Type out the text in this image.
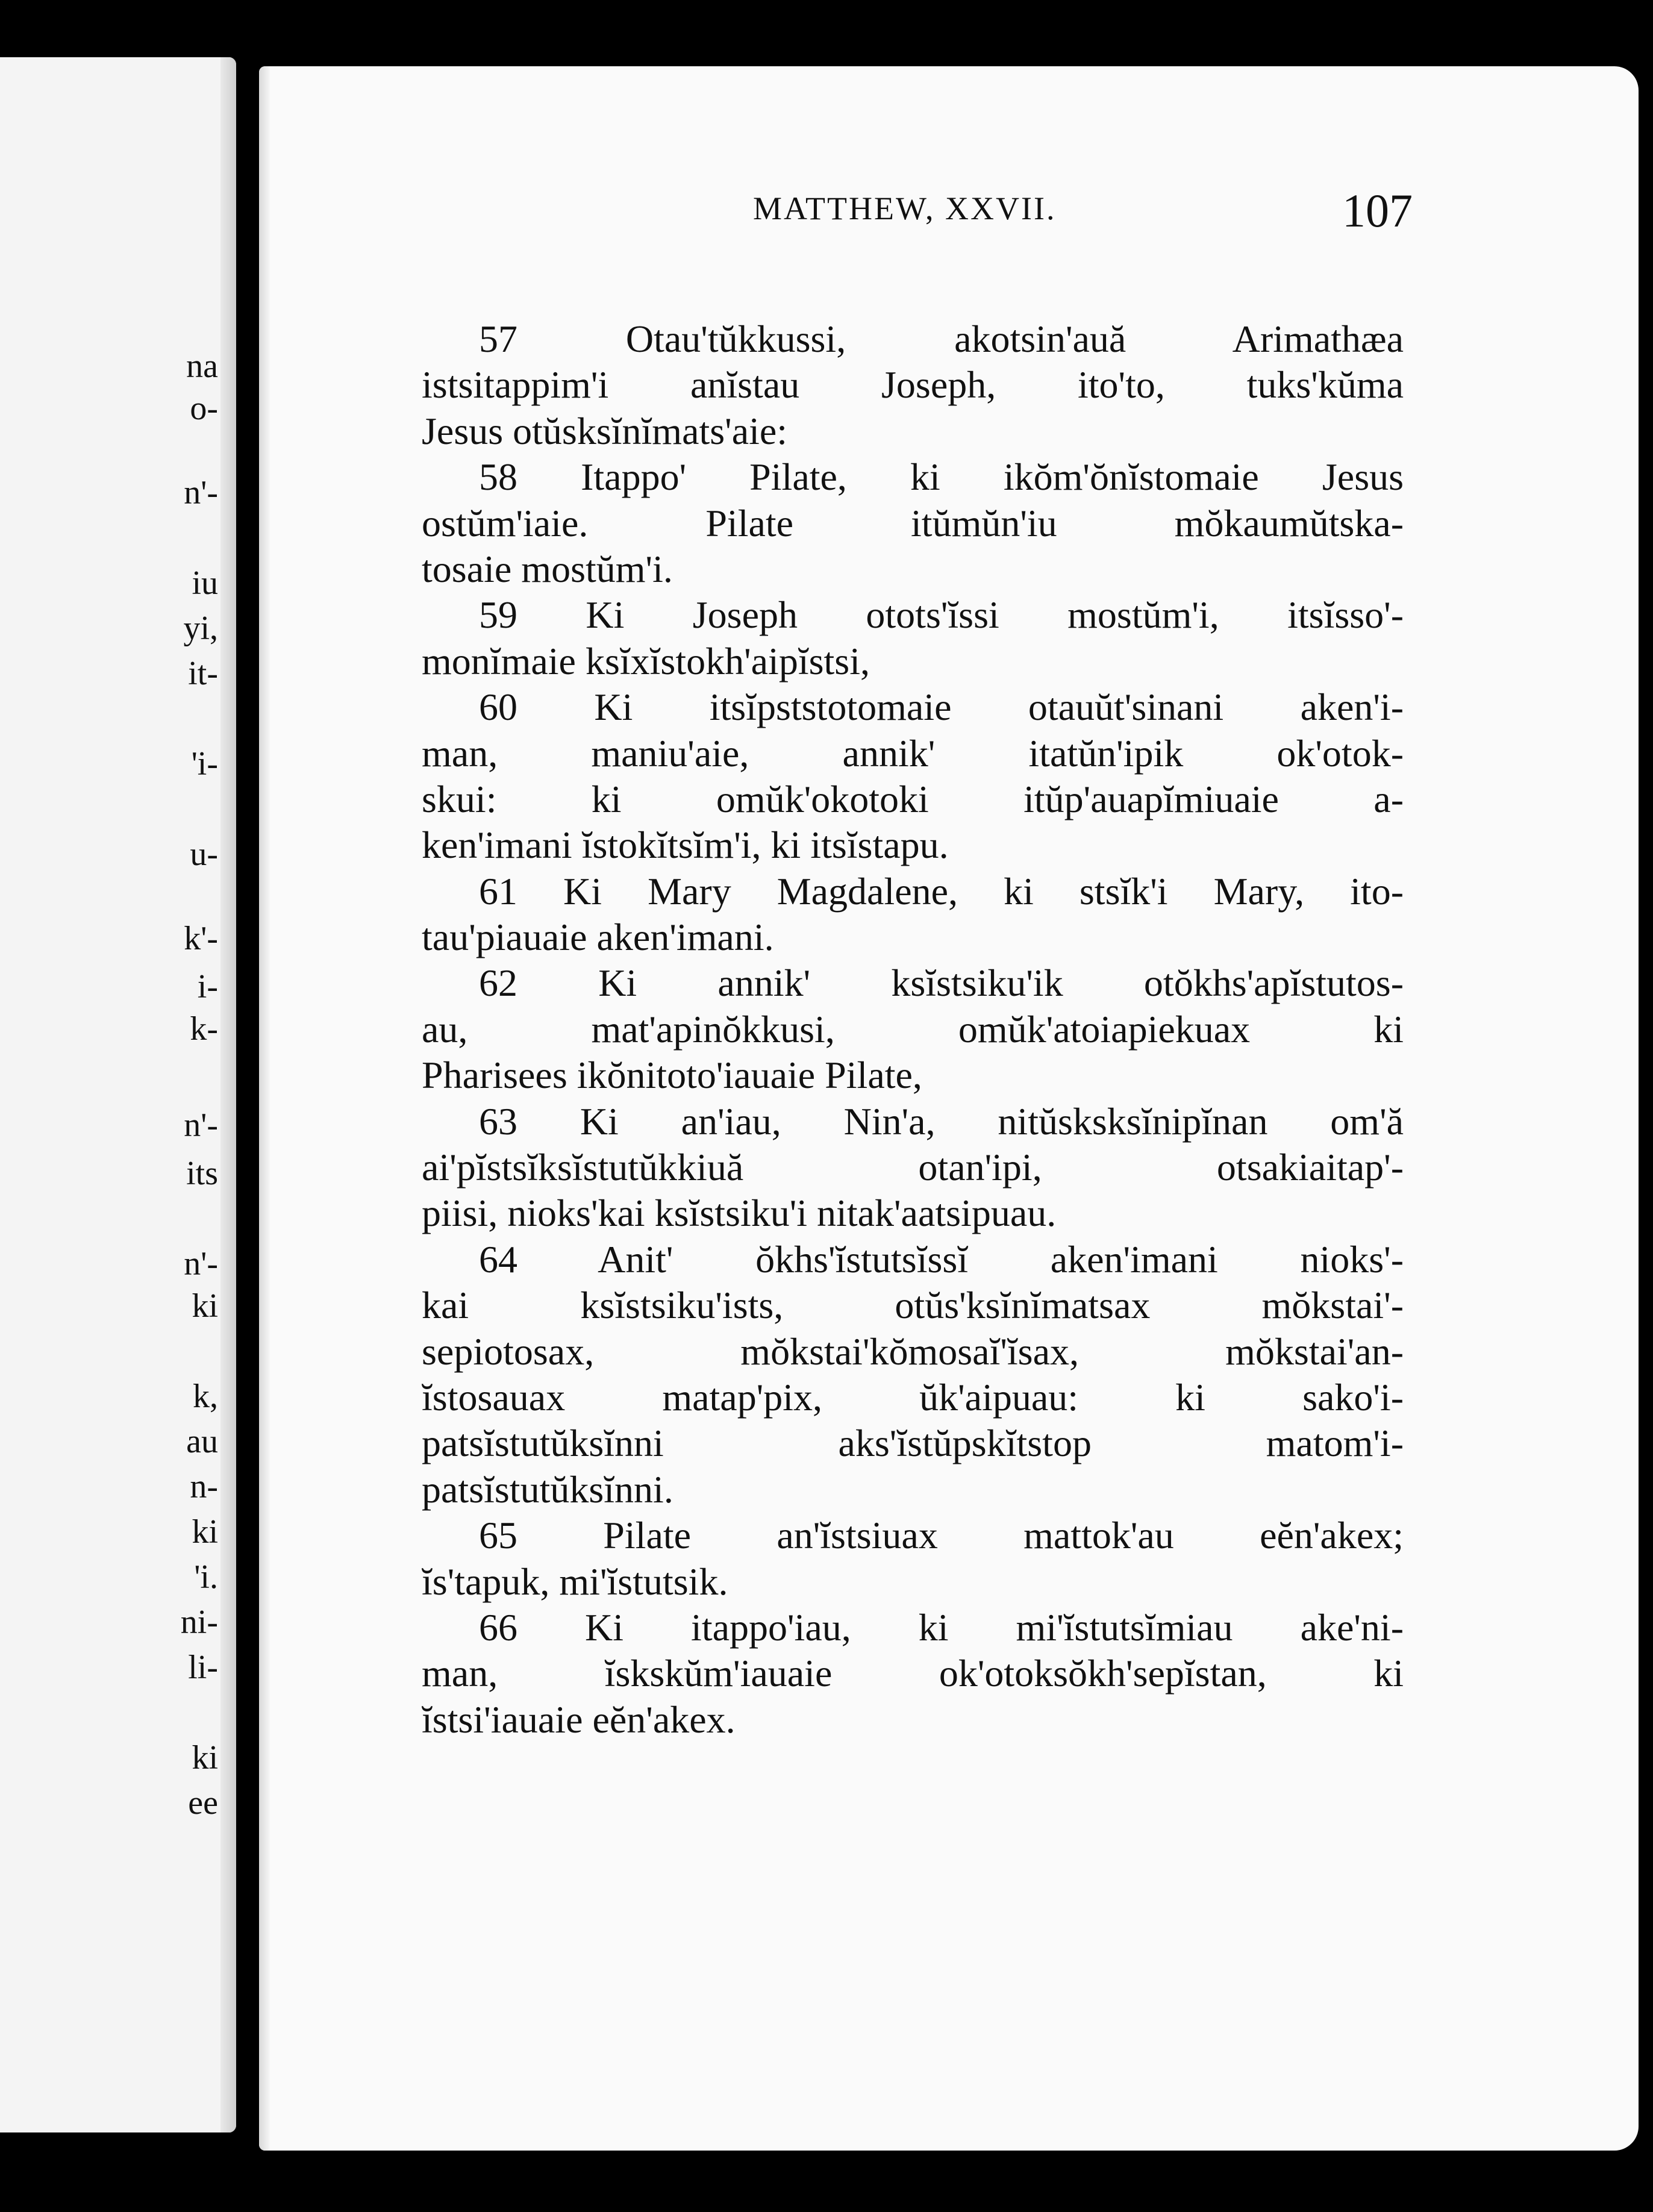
na
o-
n'-
iu
yi,
it-
'i-
u-
k'-
i-
k-
n'-
its
n'-
ki
k,
au
n-
ki
'i.
ni-
li-
ki
ee
MATTHEW, XXVII.	107
57 Otau'tŭkkussi, akotsin'auă Arimathæa
istsitappim'i anĭstau Joseph, ito'to, tuks'kŭma
Jesus otŭsksĭnĭmats'aie:
58 Itappo' Pilate, ki ikŏm'ŏnĭstomaie Jesus
ostŭm'iaie. Pilate itŭmŭn'iu mŏkaumŭtska-
tosaie mostŭm'i.
59 Ki Joseph otots'ĭssi mostŭm'i, itsĭsso'-
monĭmaie ksĭxĭstokh'aipĭstsi,
60 Ki itsĭpststotomaie otauŭt'sinani aken'i-
man, maniu'aie, annik' itatŭn'ipik ok'otok-
skui: ki omŭk'okotoki itŭp'auapĭmiuaie a-
ken'imani ĭstokĭtsĭm'i, ki itsĭstapu.
61 Ki Mary Magdalene, ki stsĭk'i Mary, ito-
tau'piauaie aken'imani.
62 Ki annik' ksĭstsiku'ik otŏkhs'apĭstutos-
au, mat'apinŏkkusi, omŭk'atoiapiekuax ki
Pharisees ikŏnitoto'iauaie Pilate,
63 Ki an'iau, Nin'a, nitŭsksksĭnipĭnan om'ă
ai'pĭstsĭksĭstutŭkkiuă otan'ipi, otsakiaitap'-
piisi, nioks'kai ksĭstsiku'i nitak'aatsipuau.
64 Anit' ŏkhs'ĭstutsĭssĭ aken'imani nioks'-
kai ksĭstsiku'ists, otŭs'ksĭnĭmatsax mŏkstai'-
sepiotosax, mŏkstai'kŏmosaĭ'ĭsax, mŏkstai'an-
ĭstosauax matap'pix, ŭk'aipuau: ki sako'i-
patsĭstutŭksĭnni aks'ĭstŭpskĭtstop matom'i-
patsĭstutŭksĭnni.
65 Pilate an'ĭstsiuax mattok'au eĕn'akex;
ĭs'tapuk, mi'ĭstutsik.
66 Ki itappo'iau, ki mi'ĭstutsĭmiau ake'ni-
man, ĭskskŭm'iauaie ok'otoksŏkh'sepĭstan, ki
ĭstsi'iauaie eĕn'akex.
